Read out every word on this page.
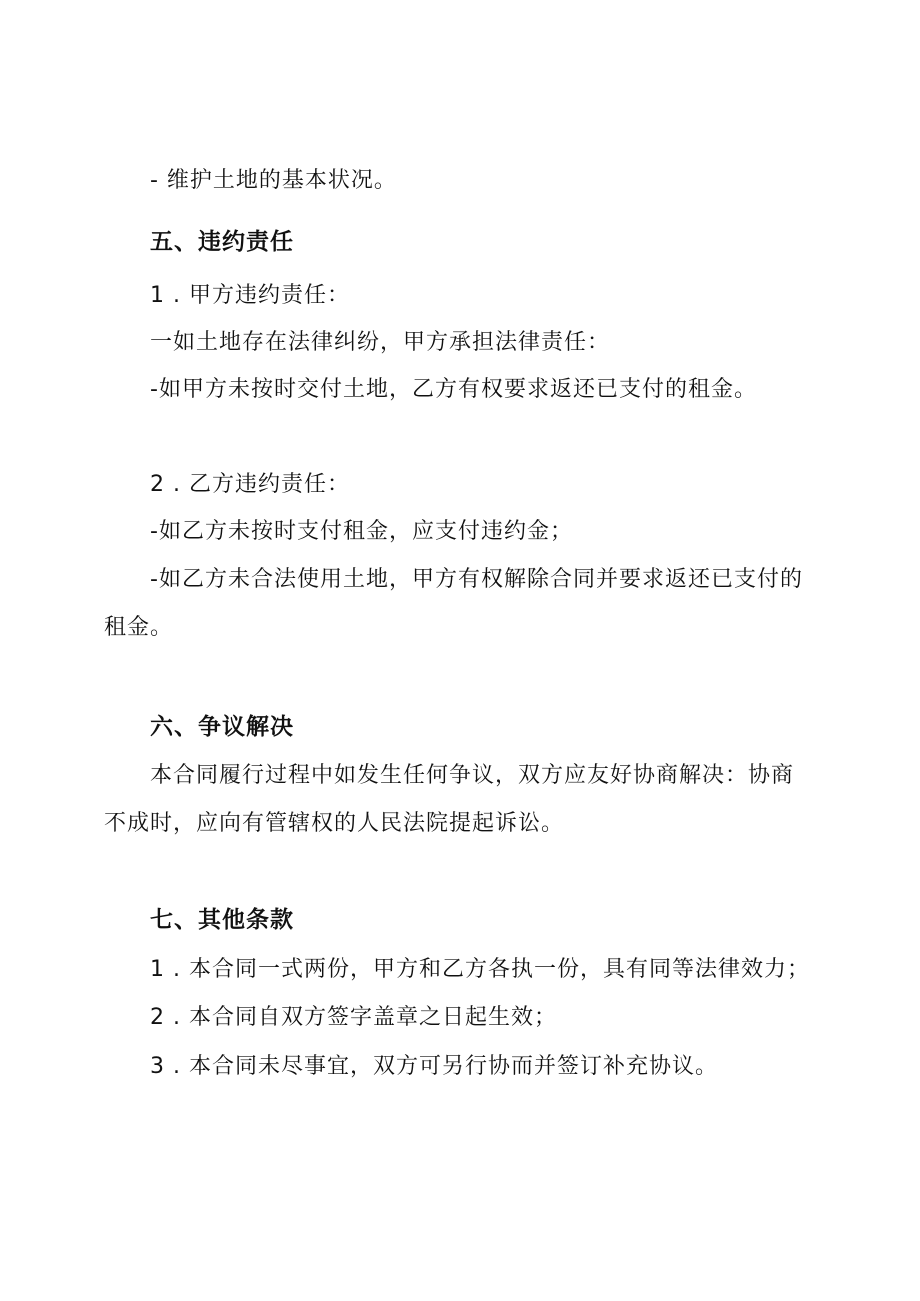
- 维护土地的基本状况。
五、违约责任
1 . 甲方违约责任：
一如土地存在法律纠纷，甲方承担法律责任：
-如甲方未按时交付土地，乙方有权要求返还已支付的租金。
2 . 乙方违约责任：
-如乙方未按时支付租金，应支付违约金；
-如乙方未合法使用土地，甲方有权解除合同并要求返还已支付的
租金。
六、争议解决
本合同履行过程中如发生任何争议，双方应友好协商解决：协商
不成时，应向有管辖权的人民法院提起诉讼。
七、其他条款
1 . 本合同一式两份，甲方和乙方各执一份，具有同等法律效力；
2 . 本合同自双方签字盖章之日起生效；
3 . 本合同未尽事宜，双方可另行协而并签订补充协议。
